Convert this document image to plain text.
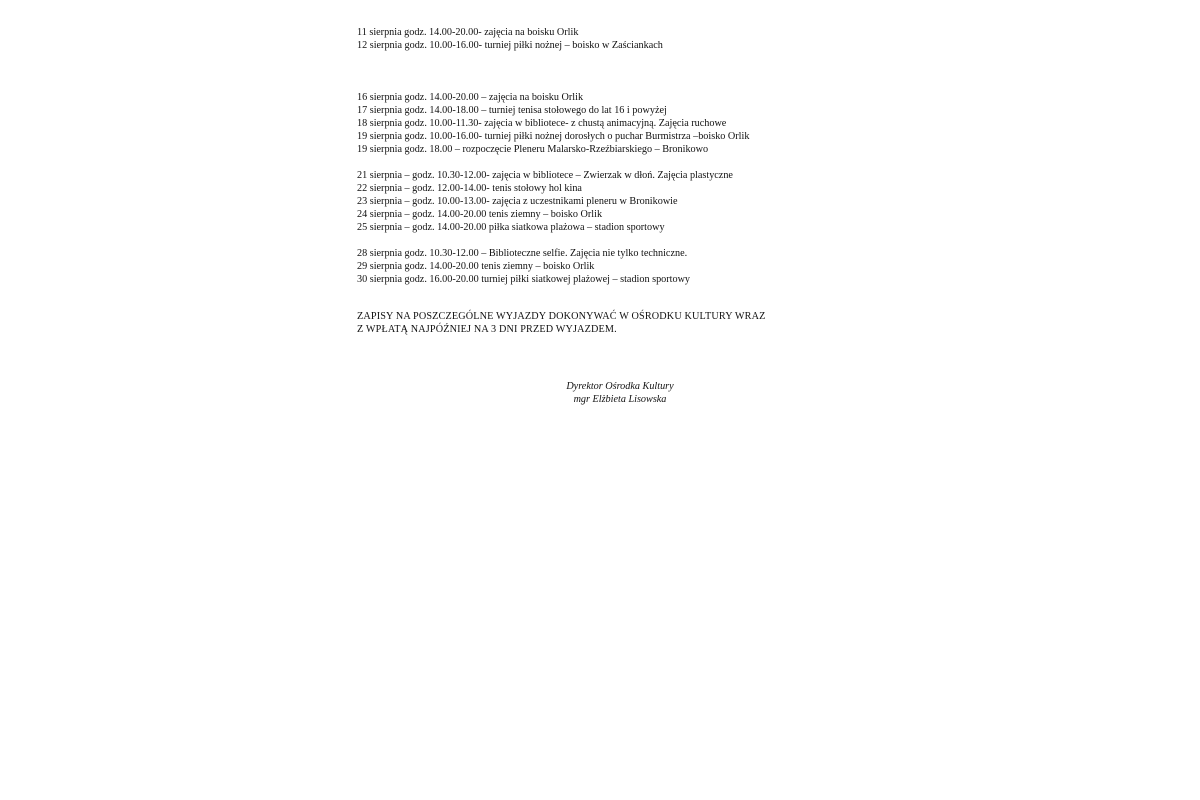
11 sierpnia godz. 14.00-20.00- zajęcia na boisku Orlik
12 sierpnia godz. 10.00-16.00- turniej piłki nożnej – boisko w Zaściankach
16 sierpnia godz. 14.00-20.00 – zajęcia na boisku Orlik
17 sierpnia godz. 14.00-18.00 – turniej tenisa stołowego do lat 16 i powyżej
18 sierpnia godz. 10.00-11.30- zajęcia w bibliotece- z chustą animacyjną. Zajęcia ruchowe
19 sierpnia godz. 10.00-16.00- turniej piłki nożnej dorosłych o puchar Burmistrza –boisko Orlik
19 sierpnia godz. 18.00 – rozpoczęcie Pleneru Malarsko-Rzeźbiarskiego – Bronikowo
21 sierpnia – godz. 10.30-12.00- zajęcia w bibliotece – Zwierzak w dłoń. Zajęcia plastyczne
22 sierpnia – godz. 12.00-14.00- tenis stołowy hol kina
23 sierpnia – godz. 10.00-13.00- zajęcia z uczestnikami pleneru w Bronikowie
24 sierpnia – godz. 14.00-20.00 tenis ziemny – boisko Orlik
25 sierpnia – godz. 14.00-20.00 piłka siatkowa plażowa – stadion sportowy
28 sierpnia godz. 10.30-12.00 – Biblioteczne selfie. Zajęcia nie tylko techniczne.
29 sierpnia godz. 14.00-20.00 tenis ziemny – boisko Orlik
30 sierpnia godz. 16.00-20.00 turniej piłki siatkowej plażowej – stadion sportowy
ZAPISY NA POSZCZEGÓLNE WYJAZDY DOKONYWAĆ W OŚRODKU KULTURY WRAZ
Z WPŁATĄ NAJPÓŹNIEJ NA 3 DNI PRZED WYJAZDEM.
Dyrektor Ośrodka Kultury
mgr Elżbieta Lisowska
